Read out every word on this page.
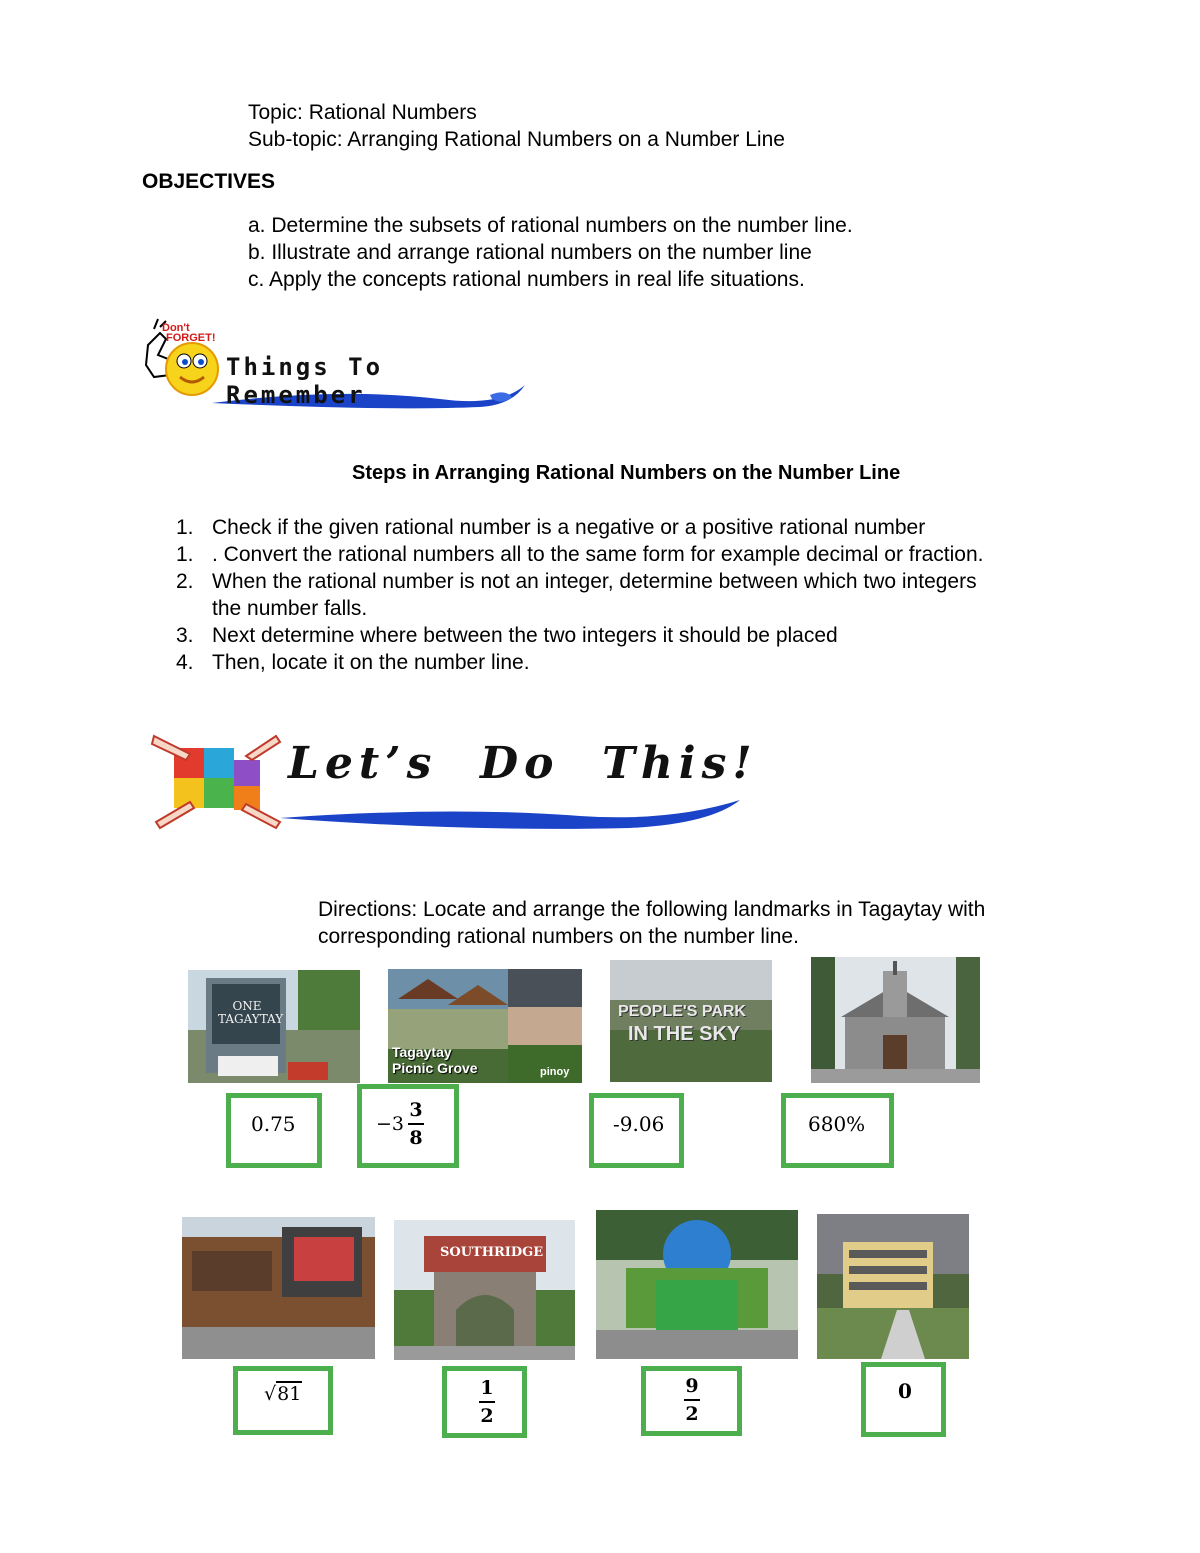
Topic: Rational Numbers
Sub-topic: Arranging Rational Numbers on a Number Line
OBJECTIVES
a. Determine the subsets of rational numbers on the number line.
b. Illustrate and arrange rational numbers on the number line
c. Apply the concepts rational numbers in real life situations.
Don't
FORGET!
Things To Remember
Steps in Arranging Rational Numbers on the Number Line
1. Check if the given rational number is a negative or a positive rational number
1. . Convert the rational numbers all to the same form for example decimal or fraction.
2. When the rational number is not an integer, determine between which two integers
the number falls.
3. Next determine where between the two integers it should be placed
4. Then, locate it on the number line.
Let’s  Do  This!
Directions: Locate and arrange the following landmarks in Tagaytay with
corresponding rational numbers on the number line.
ONE TAGAYTAY
Tagaytay
Picnic Grove	pinoy
PEOPLE'S PARK
IN THE SKY
0.75	$-3 \frac{3}{8}$	-9.06	680%
SOUTHRIDGE
√81	$\frac{1}{2}$	$\frac{9}{2}$	0
